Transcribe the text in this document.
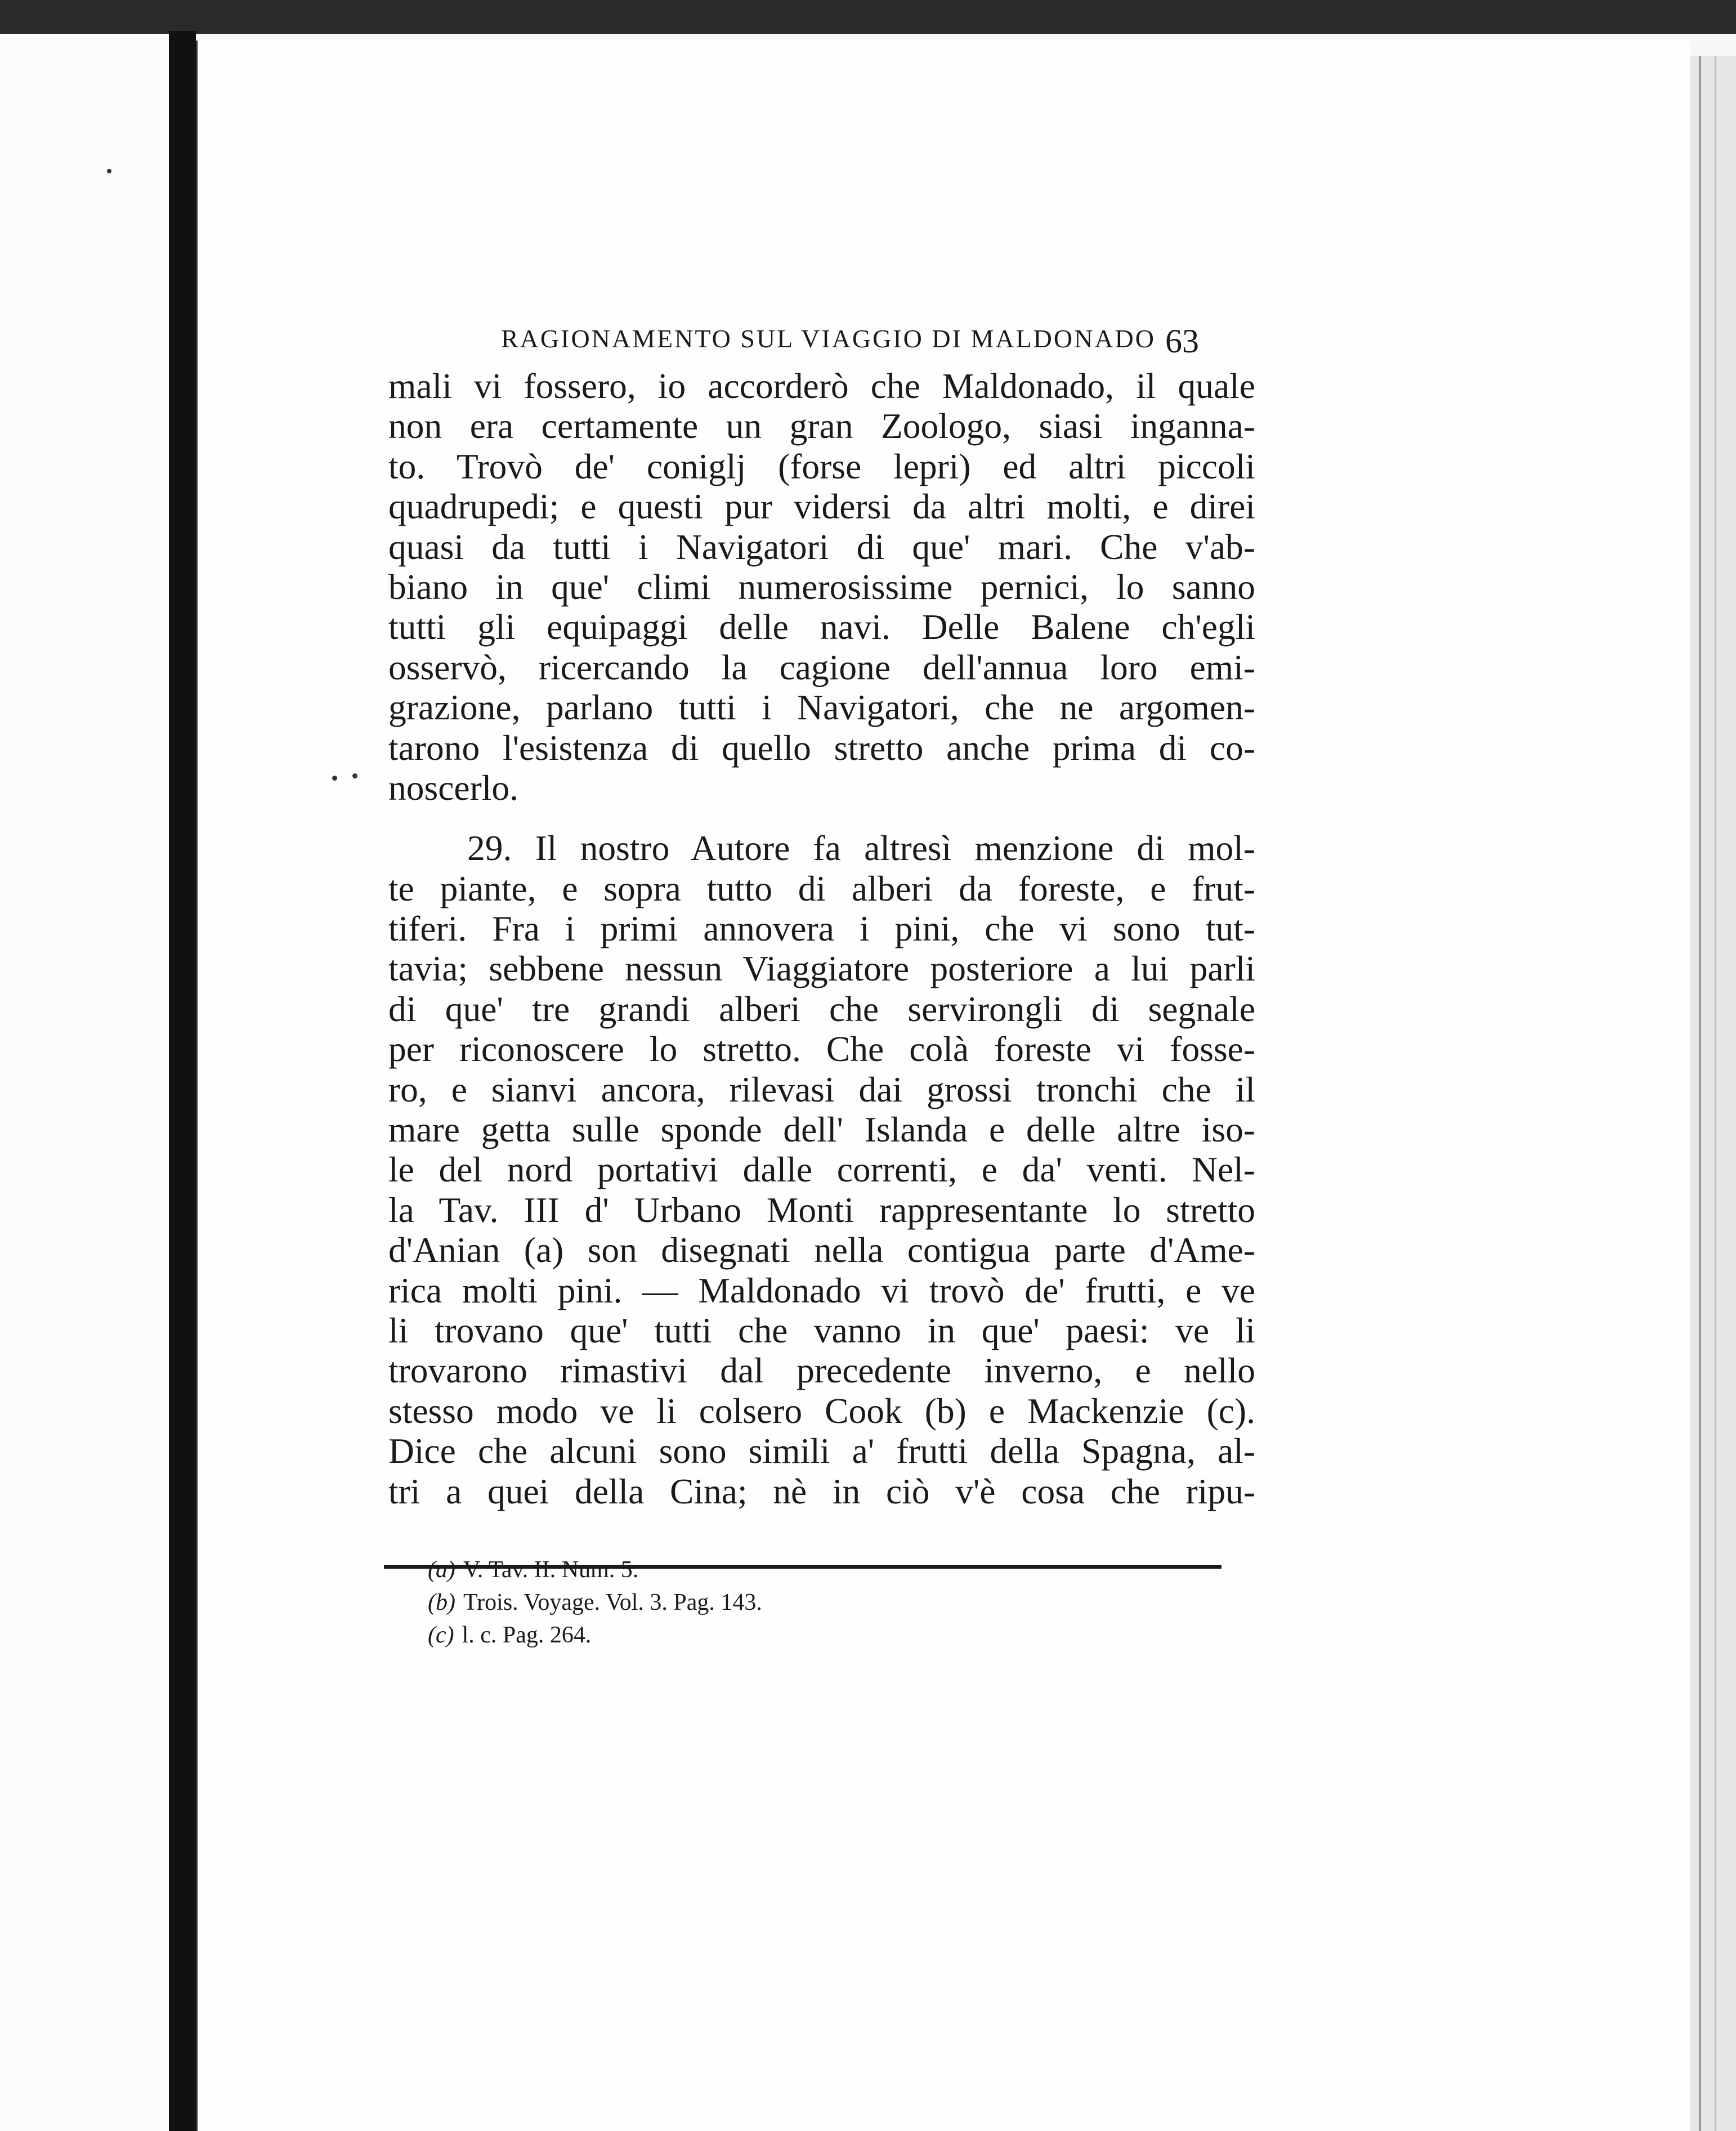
RAGIONAMENTO SUL VIAGGIO DI MALDONADO 63
mali vi fossero, io accorderò che Maldonado, il quale
non era certamente un gran Zoologo, siasi inganna-
to. Trovò de' coniglj (forse lepri) ed altri piccoli
quadrupedi; e questi pur vidersi da altri molti, e direi
quasi da tutti i Navigatori di que' mari. Che v'ab-
biano in que' climi numerosissime pernici, lo sanno
tutti gli equipaggi delle navi. Delle Balene ch'egli
osservò, ricercando la cagione dell'annua loro emi-
grazione, parlano tutti i Navigatori, che ne argomen-
tarono l'esistenza di quello stretto anche prima di co-
noscerlo.
29. Il nostro Autore fa altresì menzione di mol-
te piante, e sopra tutto di alberi da foreste, e frut-
tiferi. Fra i primi annovera i pini, che vi sono tut-
tavia; sebbene nessun Viaggiatore posteriore a lui parli
di que' tre grandi alberi che servirongli di segnale
per riconoscere lo stretto. Che colà foreste vi fosse-
ro, e sianvi ancora, rilevasi dai grossi tronchi che il
mare getta sulle sponde dell' Islanda e delle altre iso-
le del nord portativi dalle correnti, e da' venti. Nel-
la Tav. III d' Urbano Monti rappresentante lo stretto
d'Anian (a) son disegnati nella contigua parte d'Ame-
rica molti pini. — Maldonado vi trovò de' frutti, e ve
li trovano que' tutti che vanno in que' paesi: ve li
trovarono rimastivi dal precedente inverno, e nello
stesso modo ve li colsero Cook (b) e Mackenzie (c).
Dice che alcuni sono simili a' frutti della Spagna, al-
tri a quei della Cina; nè in ciò v'è cosa che ripu-
(a) V. Tav. II. Num. 5.
(b) Trois. Voyage. Vol. 3. Pag. 143.
(c) l. c. Pag. 264.
